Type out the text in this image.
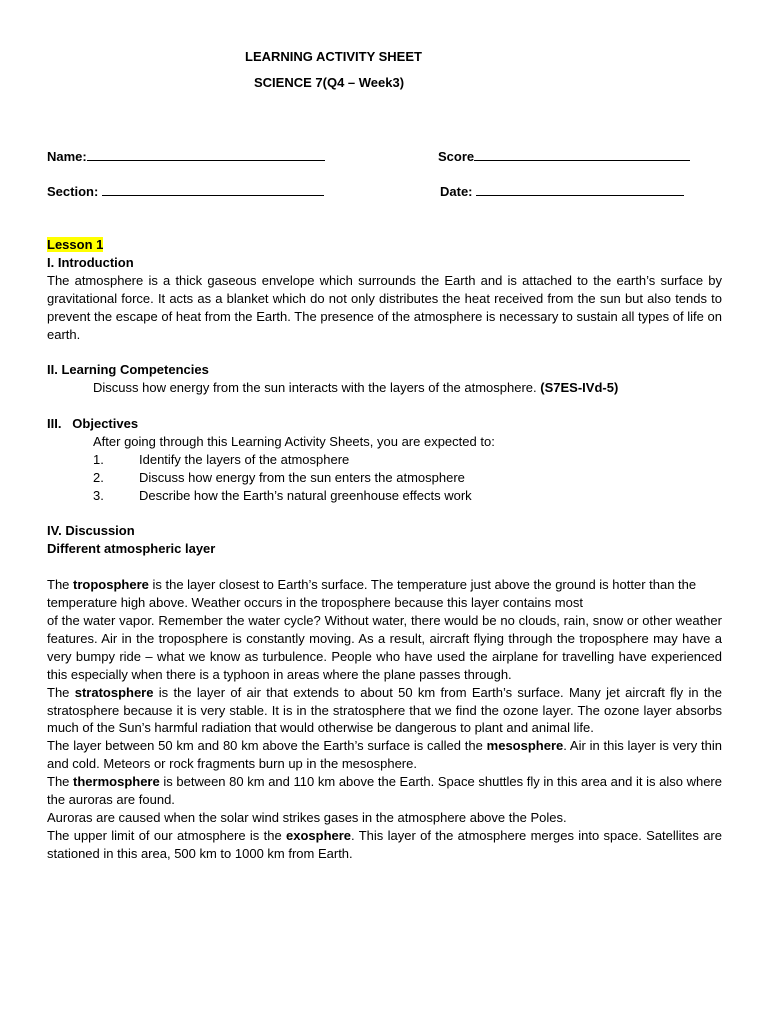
LEARNING ACTIVITY SHEET
SCIENCE 7(Q4 – Week3)
Name:	Score
Section:	Date:

Lesson 1

I. Introduction

The atmosphere is a thick gaseous envelope which surrounds the Earth and is attached to the earth’s surface by gravitational force. It acts as a blanket which do not only distributes the heat received from the sun but also tends to prevent the escape of heat from the Earth. The presence of the atmosphere is necessary to sustain all types of life on earth.

II. Learning Competencies

Discuss how energy from the sun interacts with the layers of the atmosphere. (S7ES-IVd-5)

III. Objectives

After going through this Learning Activity Sheets, you are expected to:

1.	Identify the layers of the atmosphere
2.	Discuss how energy from the sun enters the atmosphere
3.	Describe how the Earth’s natural greenhouse effects work

IV. Discussion

Different atmospheric layer

The troposphere is the layer closest to Earth’s surface. The temperature just above the ground is hotter than the temperature high above. Weather occurs in the troposphere because this layer contains most

of the water vapor. Remember the water cycle? Without water, there would be no clouds, rain, snow or other weather features. Air in the troposphere is constantly moving. As a result, aircraft flying through the troposphere may have a very bumpy ride – what we know as turbulence. People who have used the airplane for travelling have experienced this especially when there is a typhoon in areas where the plane passes through.

The stratosphere is the layer of air that extends to about 50 km from Earth’s surface. Many jet aircraft fly in the stratosphere because it is very stable. It is in the stratosphere that we find the ozone layer. The ozone layer absorbs much of the Sun’s harmful radiation that would otherwise be dangerous to plant and animal life.

The layer between 50 km and 80 km above the Earth’s surface is called the mesosphere. Air in this layer is very thin and cold. Meteors or rock fragments burn up in the mesosphere.

The thermosphere is between 80 km and 110 km above the Earth. Space shuttles fly in this area and it is also where the auroras are found.

Auroras are caused when the solar wind strikes gases in the atmosphere above the Poles.

The upper limit of our atmosphere is the exosphere. This layer of the atmosphere merges into space. Satellites are stationed in this area, 500 km to 1000 km from Earth.
